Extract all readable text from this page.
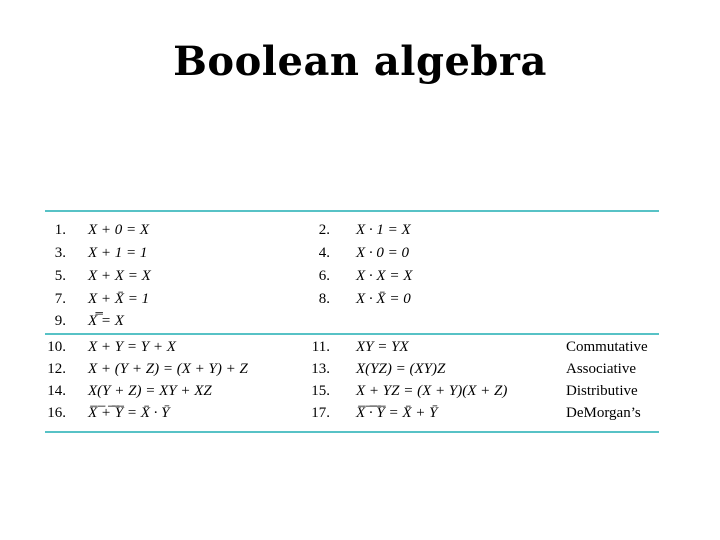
Boolean algebra
1. X + 0 = X	2. X · 1 = X
3. X + 1 = 1	4. X · 0 = 0
5. X + X = X	6. X · X = X
7. X + X̄ = 1	8. X · X̄ = 0
9. X̿ = X
10. X + Y = Y + X	11. XY = YX	Commutative
12. X + (Y + Z) = (X + Y) + Z	13. X(YZ) = (XY)Z	Associative
14. X(Y + Z) = XY + XZ	15. X + YZ = (X + Y)(X + Z)	Distributive
16. X̅ ̅+̅ ̅Y̅ = X̄ · Ȳ	17. X̅ ̅·̅ ̅Y̅ = X̄ + Ȳ	DeMorgan’s
